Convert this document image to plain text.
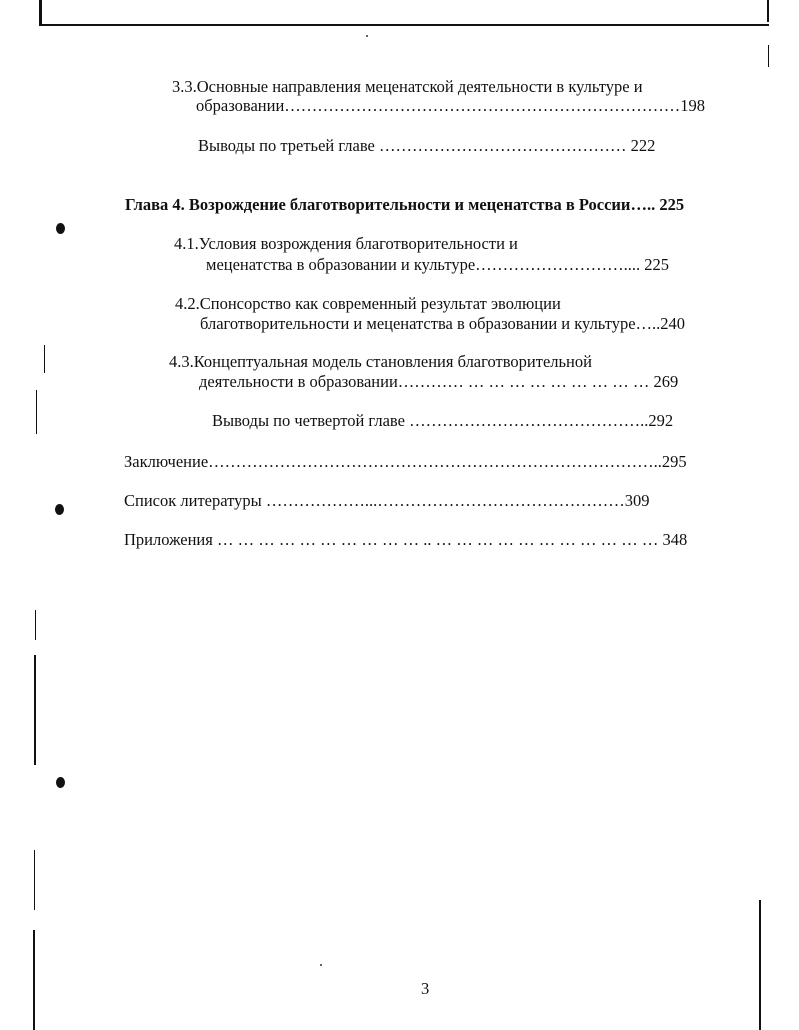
3.3.Основные направления меценатской деятельности в культуре и
образовании………………………………………………………………198
Выводы по третьей главе ……………………………………… 222
Глава 4. Возрождение благотворительности и меценатства в России….. 225
4.1.Условия возрождения благотворительности и
меценатства в образовании и культуре……………………….... 225
4.2.Спонсорство как современный результат эволюции
благотворительности и меценатства в образовании и культуре…..240
4.3.Концептуальная модель становления благотворительной
деятельности в образовании………… … … … … … … … … … 269
Выводы по четвертой главе ……………………………………..292
Заключение………………………………………………………………………..295
Список литературы ………………...………………………………………309
Приложения … … … … … … … … … … .. … … … … … … … … … … … 348
3
